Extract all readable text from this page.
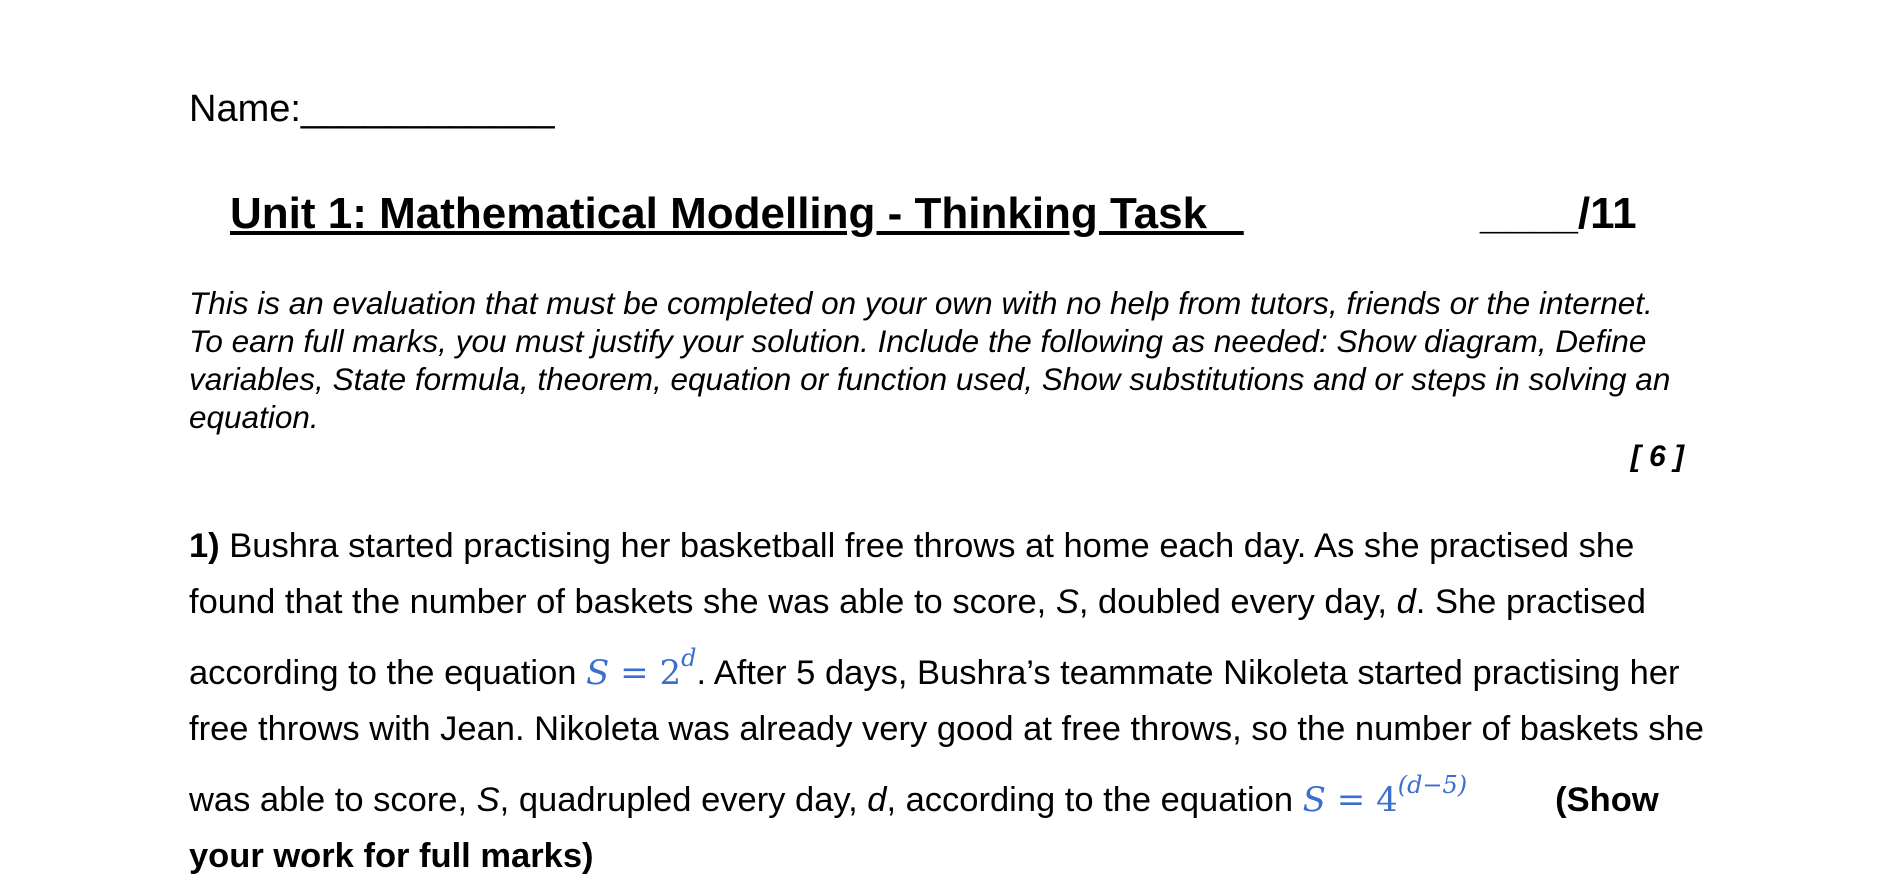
Name:____________
Unit 1: Mathematical Modelling - Thinking Task	____/11
This is an evaluation that must be completed on your own with no help from tutors, friends or the internet. To earn full marks, you must justify your solution. Include the following as needed: Show diagram, Define variables, State formula, theorem, equation or function used, Show substitutions and or steps in solving an equation.
[ 6 ]
1) Bushra started practising her basketball free throws at home each day. As she practised she found that the number of baskets she was able to score, S, doubled every day, d. She practised according to the equation $S = 2^d$. After 5 days, Bushra’s teammate Nikoleta started practising her free throws with Jean. Nikoleta was already very good at free throws, so the number of baskets she was able to score, S, quadrupled every day, d, according to the equation $S = 4^{(d-5)}$	(Show your work for full marks)
